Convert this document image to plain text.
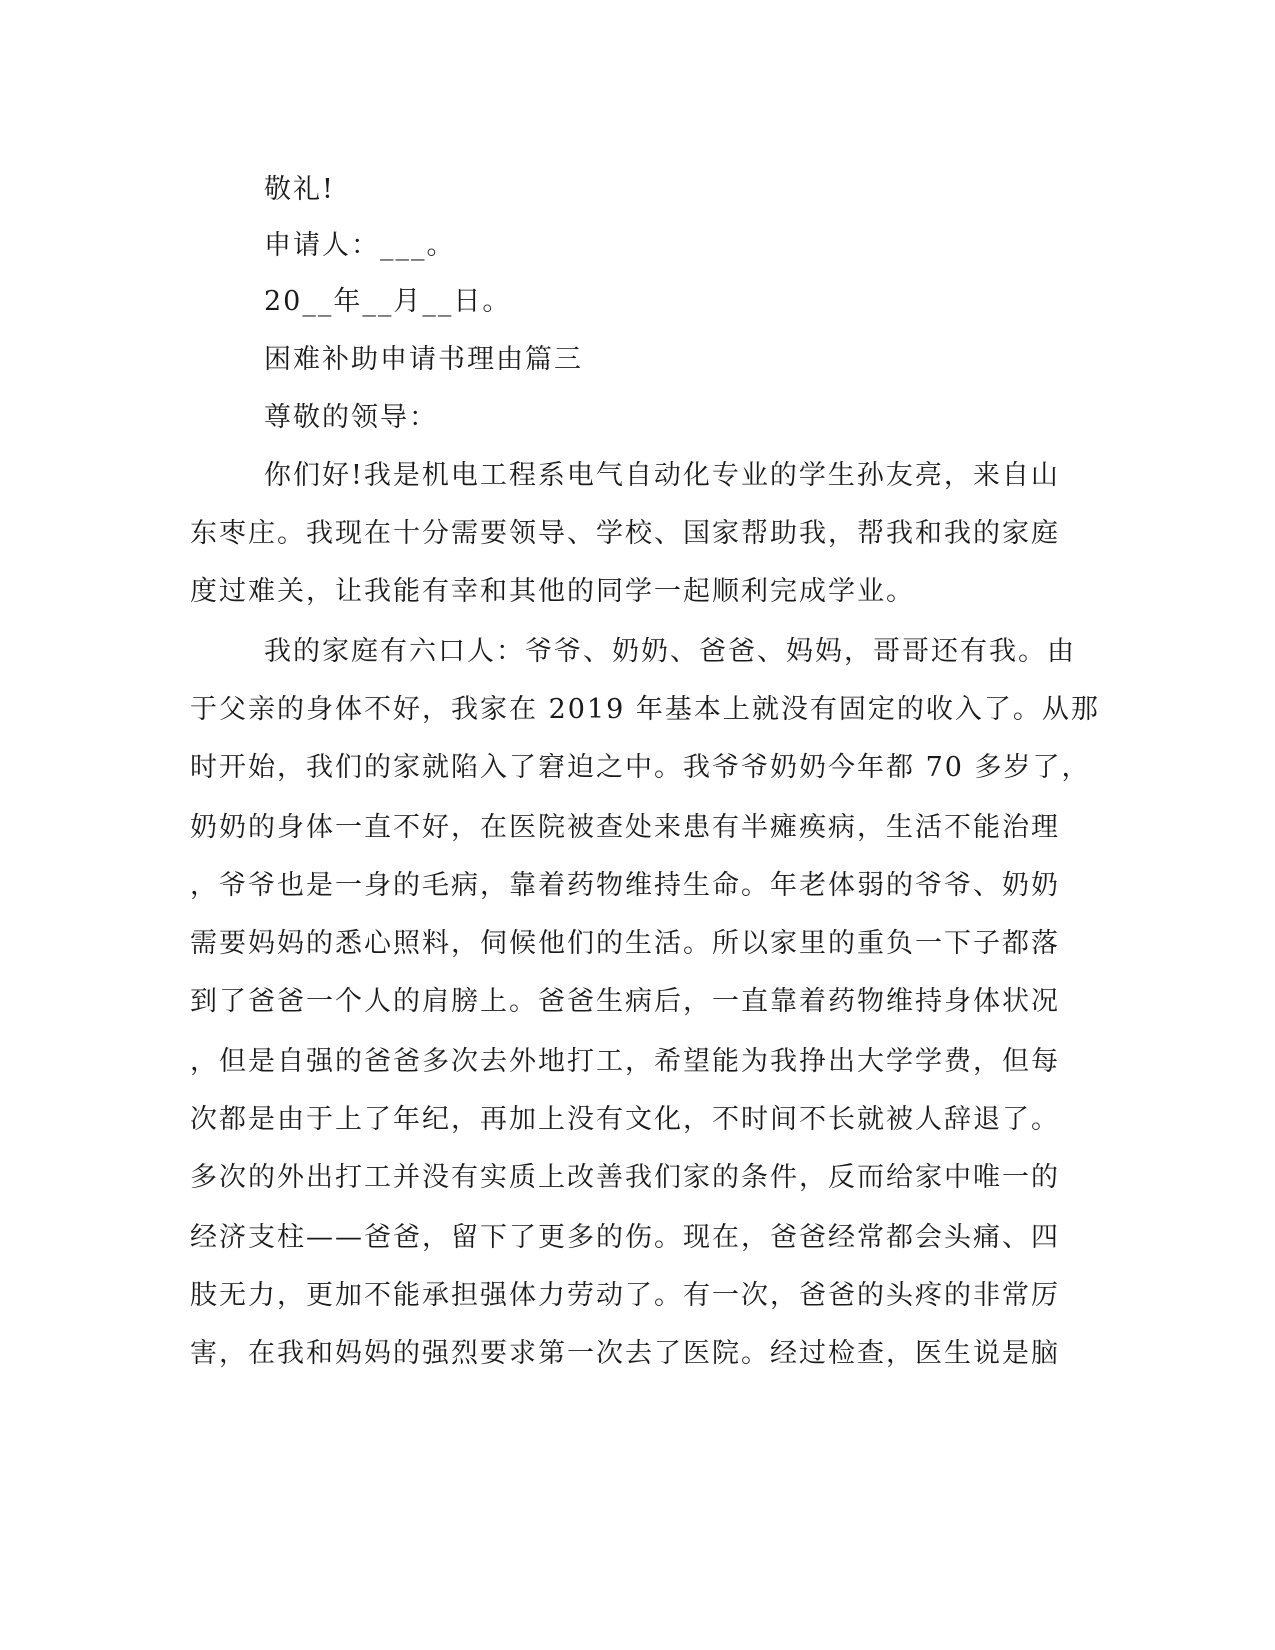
敬礼!
申请人：___。
20__年__月__日。
困难补助申请书理由篇三
尊敬的领导：
你们好!我是机电工程系电气自动化专业的学生孙友亮，来自山
东枣庄。我现在十分需要领导、学校、国家帮助我，帮我和我的家庭
度过难关，让我能有幸和其他的同学一起顺利完成学业。
我的家庭有六口人：爷爷、奶奶、爸爸、妈妈，哥哥还有我。由
于父亲的身体不好，我家在 2019 年基本上就没有固定的收入了。从那
时开始，我们的家就陷入了窘迫之中。我爷爷奶奶今年都 70 多岁了，
奶奶的身体一直不好，在医院被查处来患有半瘫痪病，生活不能治理
，爷爷也是一身的毛病，靠着药物维持生命。年老体弱的爷爷、奶奶
需要妈妈的悉心照料，伺候他们的生活。所以家里的重负一下子都落
到了爸爸一个人的肩膀上。爸爸生病后，一直靠着药物维持身体状况
，但是自强的爸爸多次去外地打工，希望能为我挣出大学学费，但每
次都是由于上了年纪，再加上没有文化，不时间不长就被人辞退了。
多次的外出打工并没有实质上改善我们家的条件，反而给家中唯一的
经济支柱——爸爸，留下了更多的伤。现在，爸爸经常都会头痛、四
肢无力，更加不能承担强体力劳动了。有一次，爸爸的头疼的非常厉
害，在我和妈妈的强烈要求第一次去了医院。经过检查，医生说是脑
